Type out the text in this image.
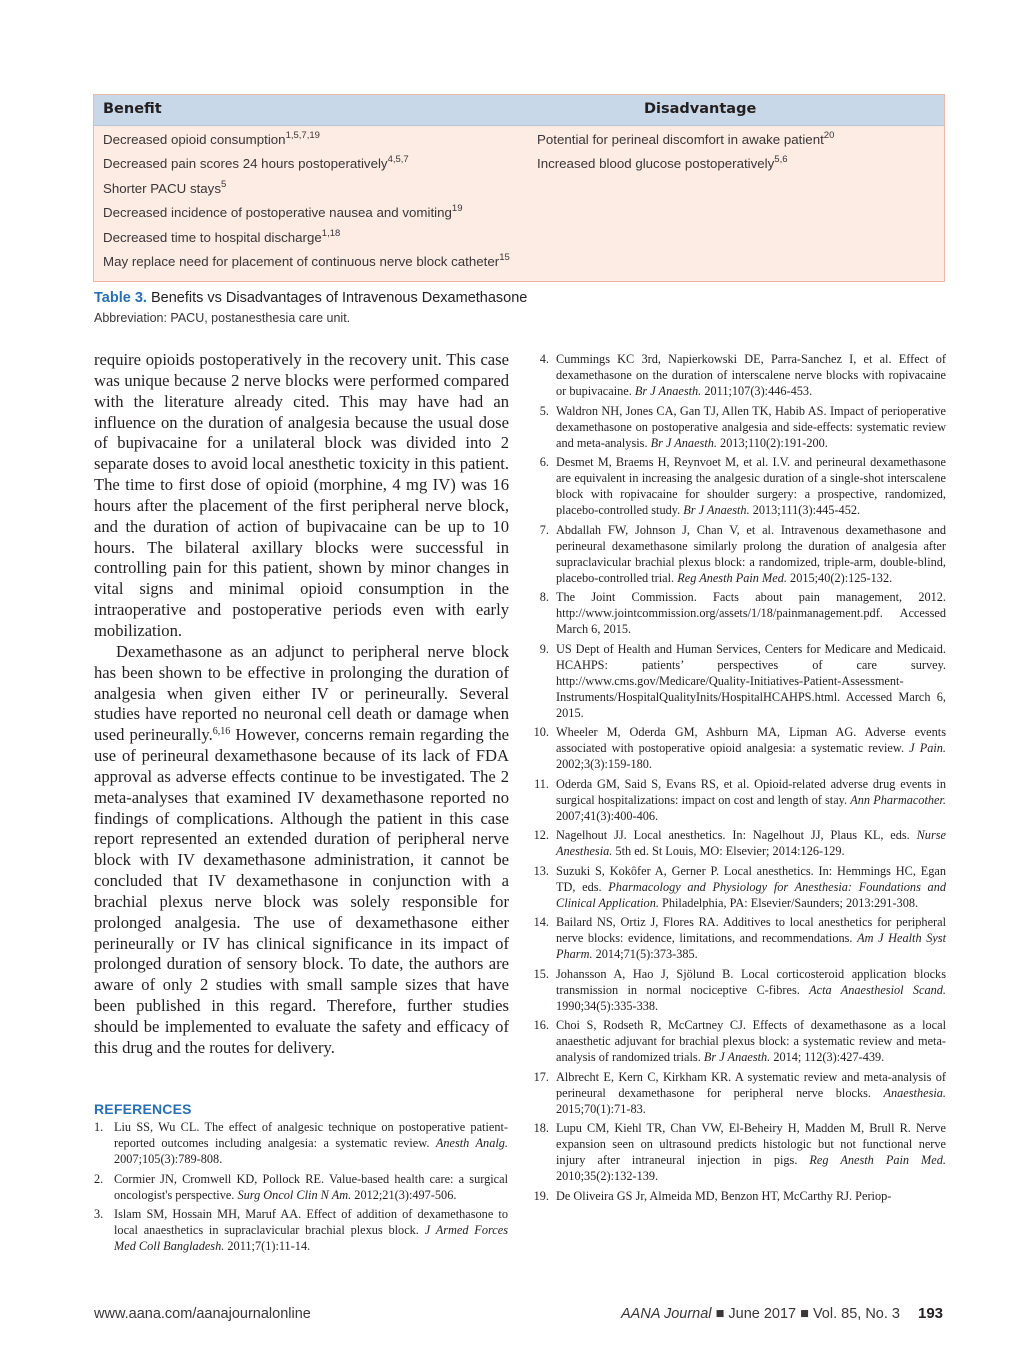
Benefit	Disadvantage
Decreased opioid consumption$^{1,5,7,19}$
Decreased pain scores 24 hours postoperatively$^{4,5,7}$
Shorter PACU stays$^5$
Decreased incidence of postoperative nausea and vomiting$^{19}$
Decreased time to hospital discharge$^{1,18}$
May replace need for placement of continuous nerve block catheter$^{15}$
Potential for perineal discomfort in awake patient$^{20}$
Increased blood glucose postoperatively$^{5,6}$
Table 3. Benefits vs Disadvantages of Intravenous Dexamethasone
Abbreviation: PACU, postanesthesia care unit.

require opioids postoperatively in the recovery unit. This case was unique because 2 nerve blocks were performed compared with the literature already cited. This may have had an influence on the duration of analgesia because the usual dose of bupivacaine for a unilateral block was divided into 2 separate doses to avoid local anesthetic toxicity in this patient. The time to first dose of opioid (morphine, 4 mg IV) was 16 hours after the placement of the first peripheral nerve block, and the duration of action of bupivacaine can be up to 10 hours. The bilateral axillary blocks were successful in controlling pain for this patient, shown by minor changes in vital signs and minimal opioid consumption in the intraoperative and postoperative periods even with early mobilization.

Dexamethasone as an adjunct to peripheral nerve block has been shown to be effective in prolonging the duration of analgesia when given either IV or perineurally. Several studies have reported no neuronal cell death or damage when used perineurally.$^{6,16}$ However, concerns remain regarding the use of perineural dexamethasone because of its lack of FDA approval as adverse effects continue to be investigated. The 2 meta-analyses that examined IV dexamethasone reported no findings of complications. Although the patient in this case report represented an extended duration of peripheral nerve block with IV dexamethasone administration, it cannot be concluded that IV dexamethasone in conjunction with a brachial plexus nerve block was solely responsible for prolonged analgesia. The use of dexamethasone either perineurally or IV has clinical significance in its impact of prolonged duration of sensory block. To date, the authors are aware of only 2 studies with small sample sizes that have been published in this regard. Therefore, further studies should be implemented to evaluate the safety and efficacy of this drug and the routes for delivery.

REFERENCES
1. Liu SS, Wu CL. The effect of analgesic technique on postoperative patient-reported outcomes including analgesia: a systematic review. Anesth Analg. 2007;105(3):789-808.
2. Cormier JN, Cromwell KD, Pollock RE. Value-based health care: a surgical oncologist's perspective. Surg Oncol Clin N Am. 2012;21(3):497-506.
3. Islam SM, Hossain MH, Maruf AA. Effect of addition of dexamethasone to local anaesthetics in supraclavicular brachial plexus block. J Armed Forces Med Coll Bangladesh. 2011;7(1):11-14.
4. Cummings KC 3rd, Napierkowski DE, Parra-Sanchez I, et al. Effect of dexamethasone on the duration of interscalene nerve blocks with ropivacaine or bupivacaine. Br J Anaesth. 2011;107(3):446-453.
5. Waldron NH, Jones CA, Gan TJ, Allen TK, Habib AS. Impact of perioperative dexamethasone on postoperative analgesia and side-effects: systematic review and meta-analysis. Br J Anaesth. 2013;110(2):191-200.
6. Desmet M, Braems H, Reynvoet M, et al. I.V. and perineural dexamethasone are equivalent in increasing the analgesic duration of a single-shot interscalene block with ropivacaine for shoulder surgery: a prospective, randomized, placebo-controlled study. Br J Anaesth. 2013;111(3):445-452.
7. Abdallah FW, Johnson J, Chan V, et al. Intravenous dexamethasone and perineural dexamethasone similarly prolong the duration of analgesia after supraclavicular brachial plexus block: a randomized, triple-arm, double-blind, placebo-controlled trial. Reg Anesth Pain Med. 2015;40(2):125-132.
8. The Joint Commission. Facts about pain management, 2012. http://www.jointcommission.org/assets/1/18/painmanagement.pdf. Accessed March 6, 2015.
9. US Dept of Health and Human Services, Centers for Medicare and Medicaid. HCAHPS: patients’ perspectives of care survey. http://www.cms.gov/Medicare/Quality-Initiatives-Patient-Assessment-Instruments/HospitalQualityInits/HospitalHCAHPS.html. Accessed March 6, 2015.
10. Wheeler M, Oderda GM, Ashburn MA, Lipman AG. Adverse events associated with postoperative opioid analgesia: a systematic review. J Pain. 2002;3(3):159-180.
11. Oderda GM, Said S, Evans RS, et al. Opioid-related adverse drug events in surgical hospitalizations: impact on cost and length of stay. Ann Pharmacother. 2007;41(3):400-406.
12. Nagelhout JJ. Local anesthetics. In: Nagelhout JJ, Plaus KL, eds. Nurse Anesthesia. 5th ed. St Louis, MO: Elsevier; 2014:126-129.
13. Suzuki S, Kokôfer A, Gerner P. Local anesthetics. In: Hemmings HC, Egan TD, eds. Pharmacology and Physiology for Anesthesia: Foundations and Clinical Application. Philadelphia, PA: Elsevier/Saunders; 2013:291-308.
14. Bailard NS, Ortiz J, Flores RA. Additives to local anesthetics for peripheral nerve blocks: evidence, limitations, and recommendations. Am J Health Syst Pharm. 2014;71(5):373-385.
15. Johansson A, Hao J, Sjölund B. Local corticosteroid application blocks transmission in normal nociceptive C-fibres. Acta Anaesthesiol Scand. 1990;34(5):335-338.
16. Choi S, Rodseth R, McCartney CJ. Effects of dexamethasone as a local anaesthetic adjuvant for brachial plexus block: a systematic review and meta-analysis of randomized trials. Br J Anaesth. 2014; 112(3):427-439.
17. Albrecht E, Kern C, Kirkham KR. A systematic review and meta-analysis of perineural dexamethasone for peripheral nerve blocks. Anaesthesia. 2015;70(1):71-83.
18. Lupu CM, Kiehl TR, Chan VW, El-Beheiry H, Madden M, Brull R. Nerve expansion seen on ultrasound predicts histologic but not functional nerve injury after intraneural injection in pigs. Reg Anesth Pain Med. 2010;35(2):132-139.
19. De Oliveira GS Jr, Almeida MD, Benzon HT, McCarthy RJ. Periop-
www.aana.com/aanajournalonline	AANA Journal ■ June 2017 ■ Vol. 85, No. 3 193
